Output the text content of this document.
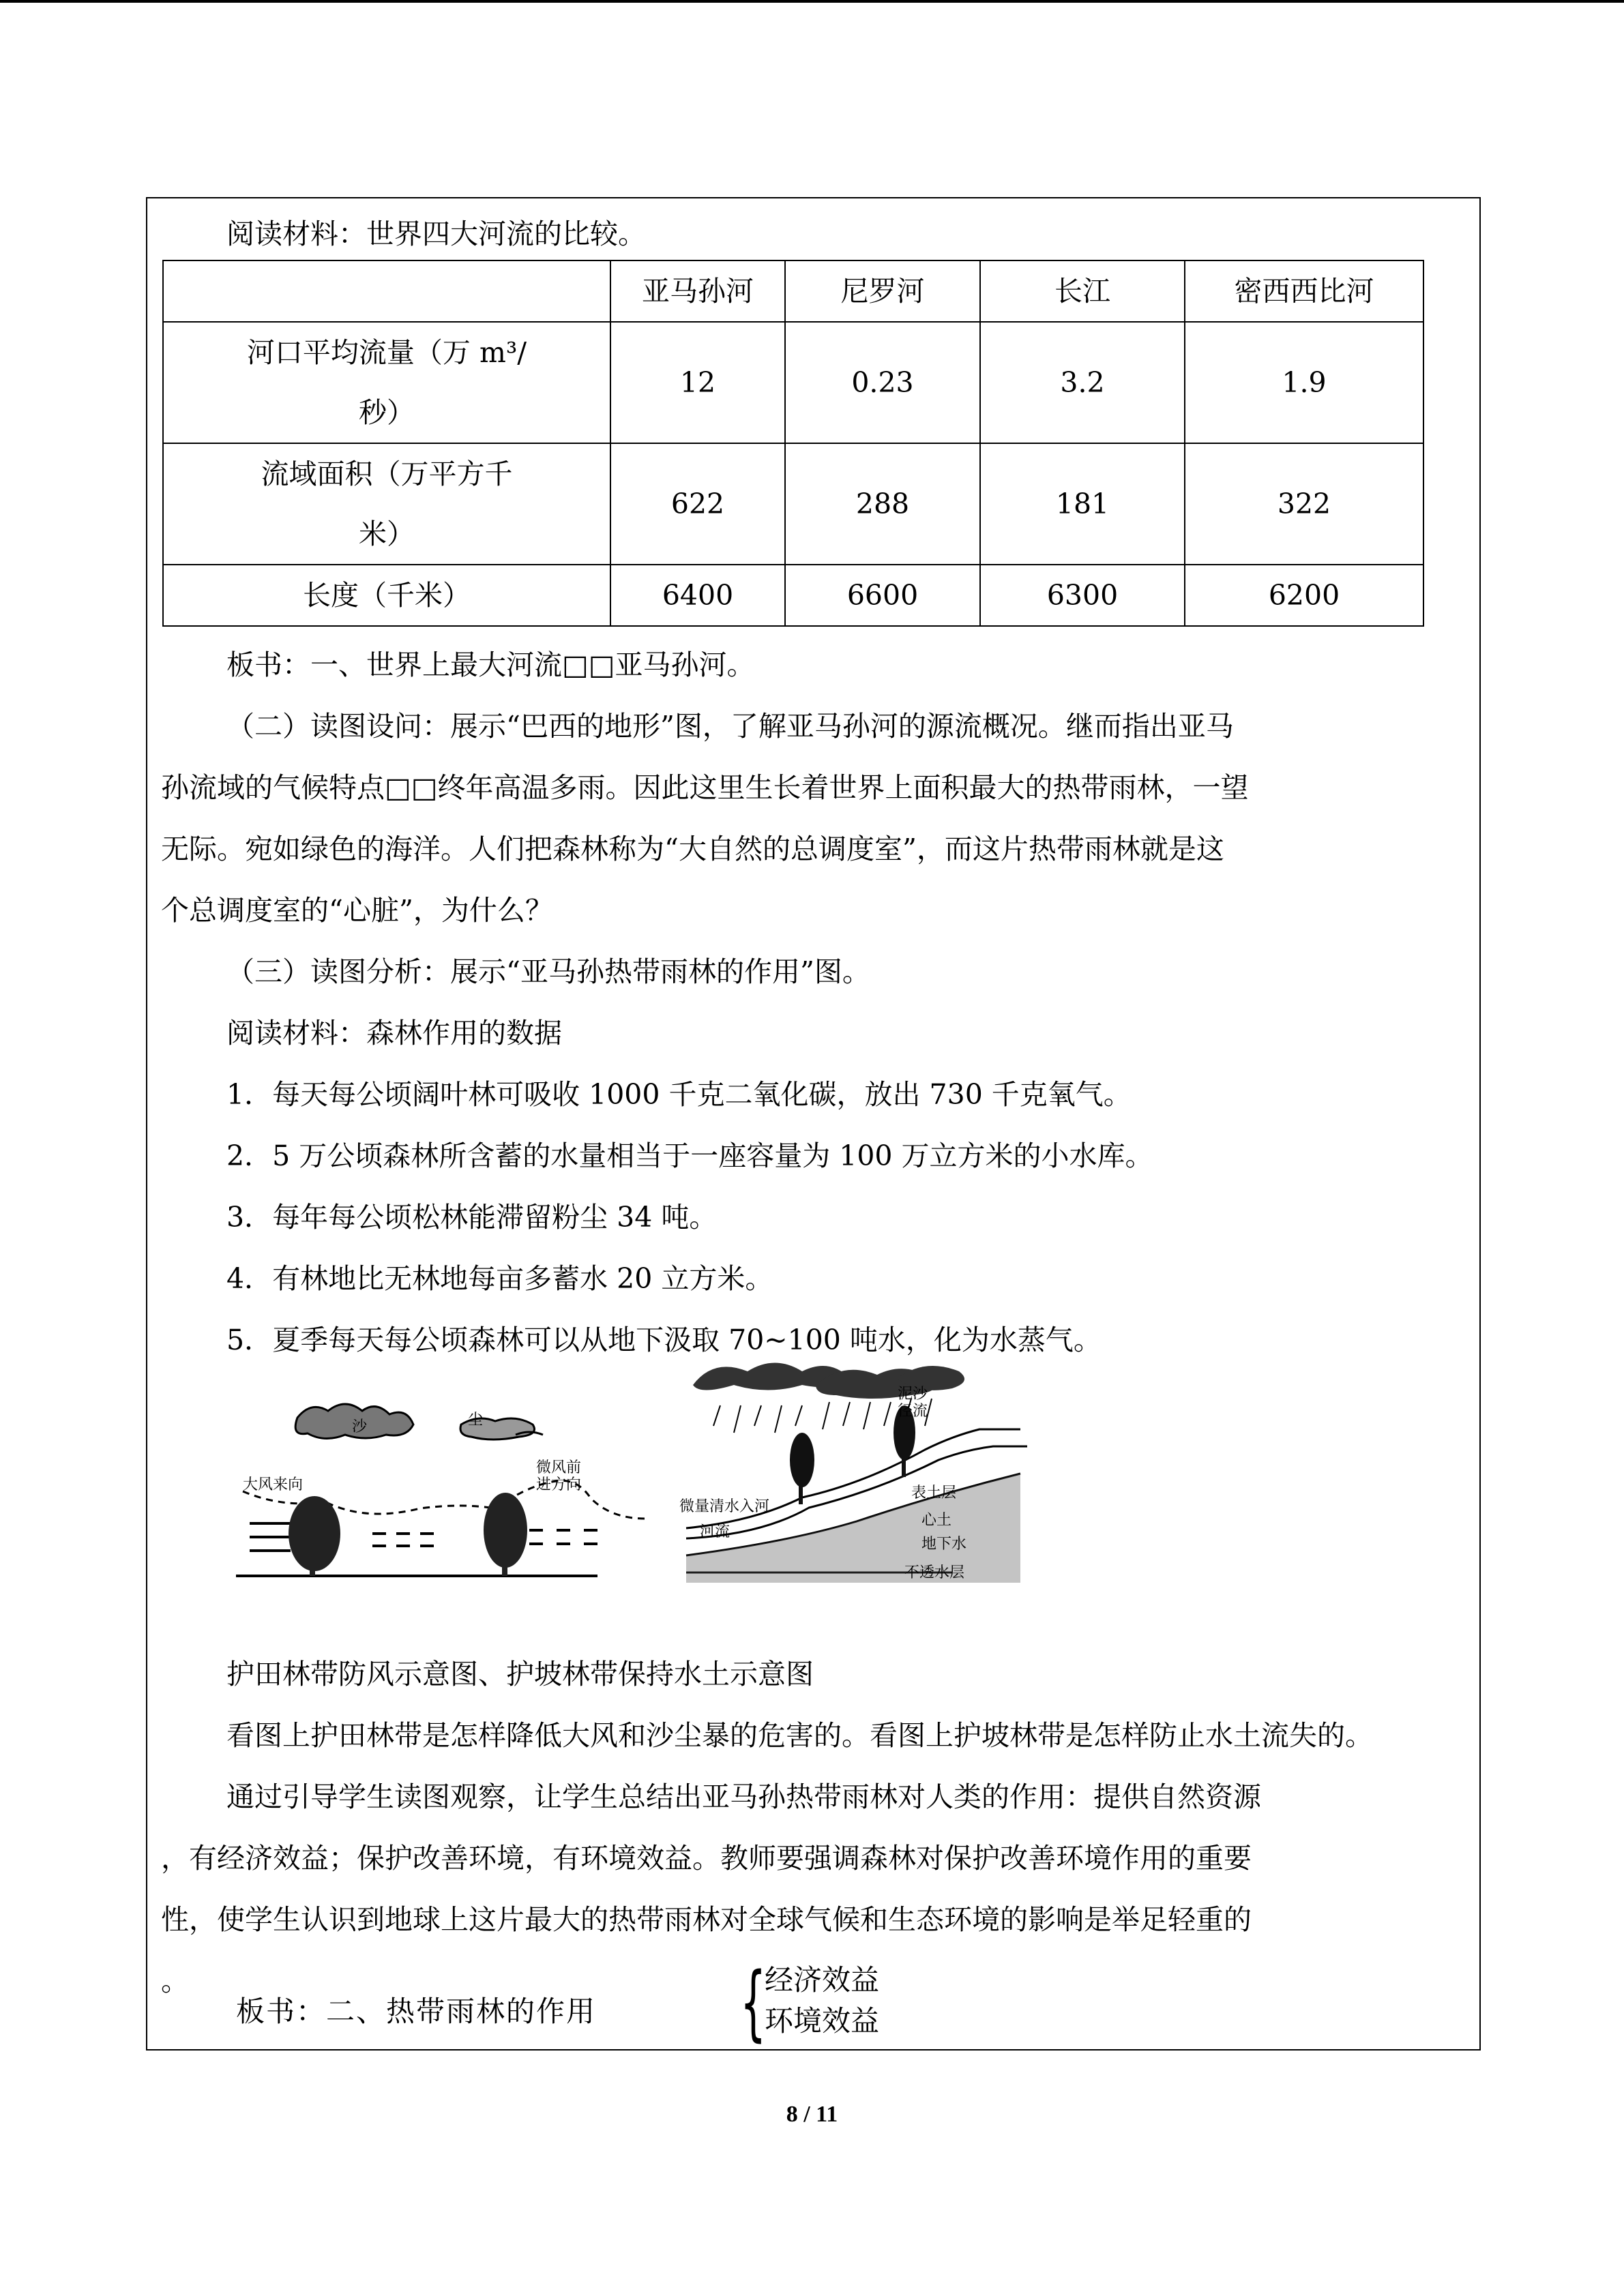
阅读材料：世界四大河流的比较。

	亚马孙河	尼罗河	长江	密西西比河

河口平均流量（万 m³/
秒）	12	0.23	3.2	1.9

流域面积（万平方千
米）	622	288	181	322

长度（千米）	6400	6600	6300	6200

板书：一、世界上最大河流□□亚马孙河。

（二）读图设问：展示“巴西的地形”图，了解亚马孙河的源流概况。继而指出亚马

孙流域的气候特点□□终年高温多雨。因此这里生长着世界上面积最大的热带雨林，一望

无际。宛如绿色的海洋。人们把森林称为“大自然的总调度室”，而这片热带雨林就是这

个总调度室的“心脏”，为什么？

（三）读图分析：展示“亚马孙热带雨林的作用”图。

阅读材料：森林作用的数据

1．每天每公顷阔叶林可吸收 1000 千克二氧化碳，放出 730 千克氧气。

2．5 万公顷森林所含蓄的水量相当于一座容量为 100 万立方米的小水库。

3．每年每公顷松林能滞留粉尘 34 吨。

4．有林地比无林地每亩多蓄水 20 立方米。

5．夏季每天每公顷森林可以从地下汲取 70~100 吨水，化为水蒸气。

沙	尘
大风来向
微风前
进方向
泥沙
径流
微量清水入河
河流
表土层
心土
地下水
不透水层

护田林带防风示意图、护坡林带保持水土示意图

看图上护田林带是怎样降低大风和沙尘暴的危害的。看图上护坡林带是怎样防止水土流失的。

通过引导学生读图观察，让学生总结出亚马孙热带雨林对人类的作用：提供自然资源

，有经济效益；保护改善环境，有环境效益。教师要强调森林对保护改善环境作用的重要

性，使学生认识到地球上这片最大的热带雨林对全球气候和生态环境的影响是举足轻重的

。

板书：二、热带雨林的作用 {
经济效益
环境效益
8 / 11
